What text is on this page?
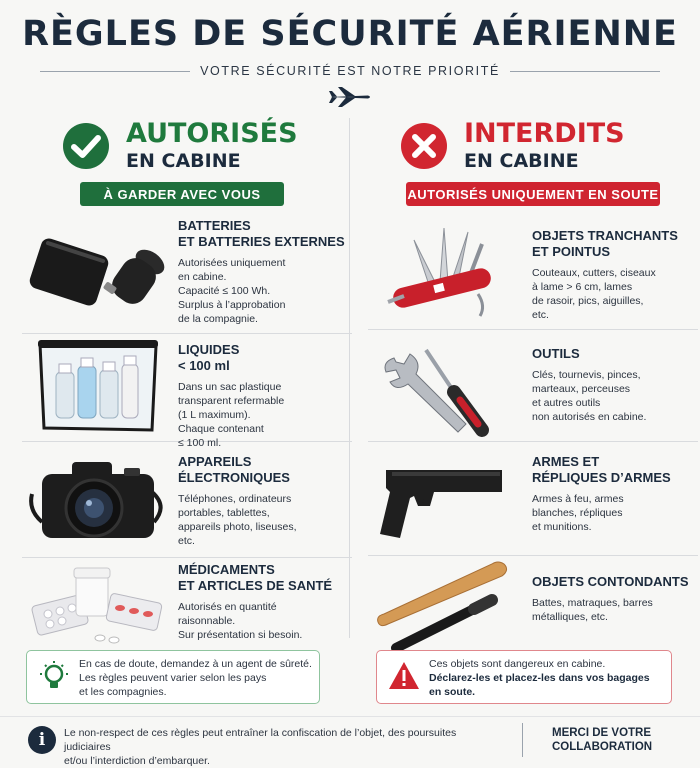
RÈGLES DE SÉCURITÉ AÉRIENNE
VOTRE SÉCURITÉ EST NOTRE PRIORITÉ
AUTORISÉS
EN CABINE
À GARDER AVEC VOUS
BATTERIES
ET BATTERIES EXTERNES

Autorisées uniquement
en cabine.
Capacité ≤ 100 Wh.
Surplus à l’approbation
de la compagnie.

LIQUIDES
< 100 ml

Dans un sac plastique
transparent refermable
(1 L maximum).
Chaque contenant
≤ 100 ml.

APPAREILS
ÉLECTRONIQUES

Téléphones, ordinateurs
portables, tablettes,
appareils photo, liseuses,
etc.

MÉDICAMENTS
ET ARTICLES DE SANTÉ

Autorisés en quantité
raisonnable.
Sur présentation si besoin.

INTERDITS
EN CABINE
AUTORISÉS UNIQUEMENT EN SOUTE
OBJETS TRANCHANTS
ET POINTUS

Couteaux, cutters, ciseaux
à lame > 6 cm, lames
de rasoir, pics, aiguilles,
etc.

OUTILS

Clés, tournevis, pinces,
marteaux, perceuses
et autres outils
non autorisés en cabine.

ARMES ET
RÉPLIQUES D’ARMES

Armes à feu, armes
blanches, répliques
et munitions.

OBJETS CONTONDANTS

Battes, matraques, barres
métalliques, etc.

En cas de doute, demandez à un agent de sûreté.
Les règles peuvent varier selon les pays
et les compagnies.
Ces objets sont dangereux en cabine.
Déclarez-les et placez-les dans vos bagages
en soute.
i	Le non-respect de ces règles peut entraîner la confiscation de l’objet, des poursuites judiciaires
et/ou l’interdiction d’embarquer.
MERCI DE VOTRE
COLLABORATION
